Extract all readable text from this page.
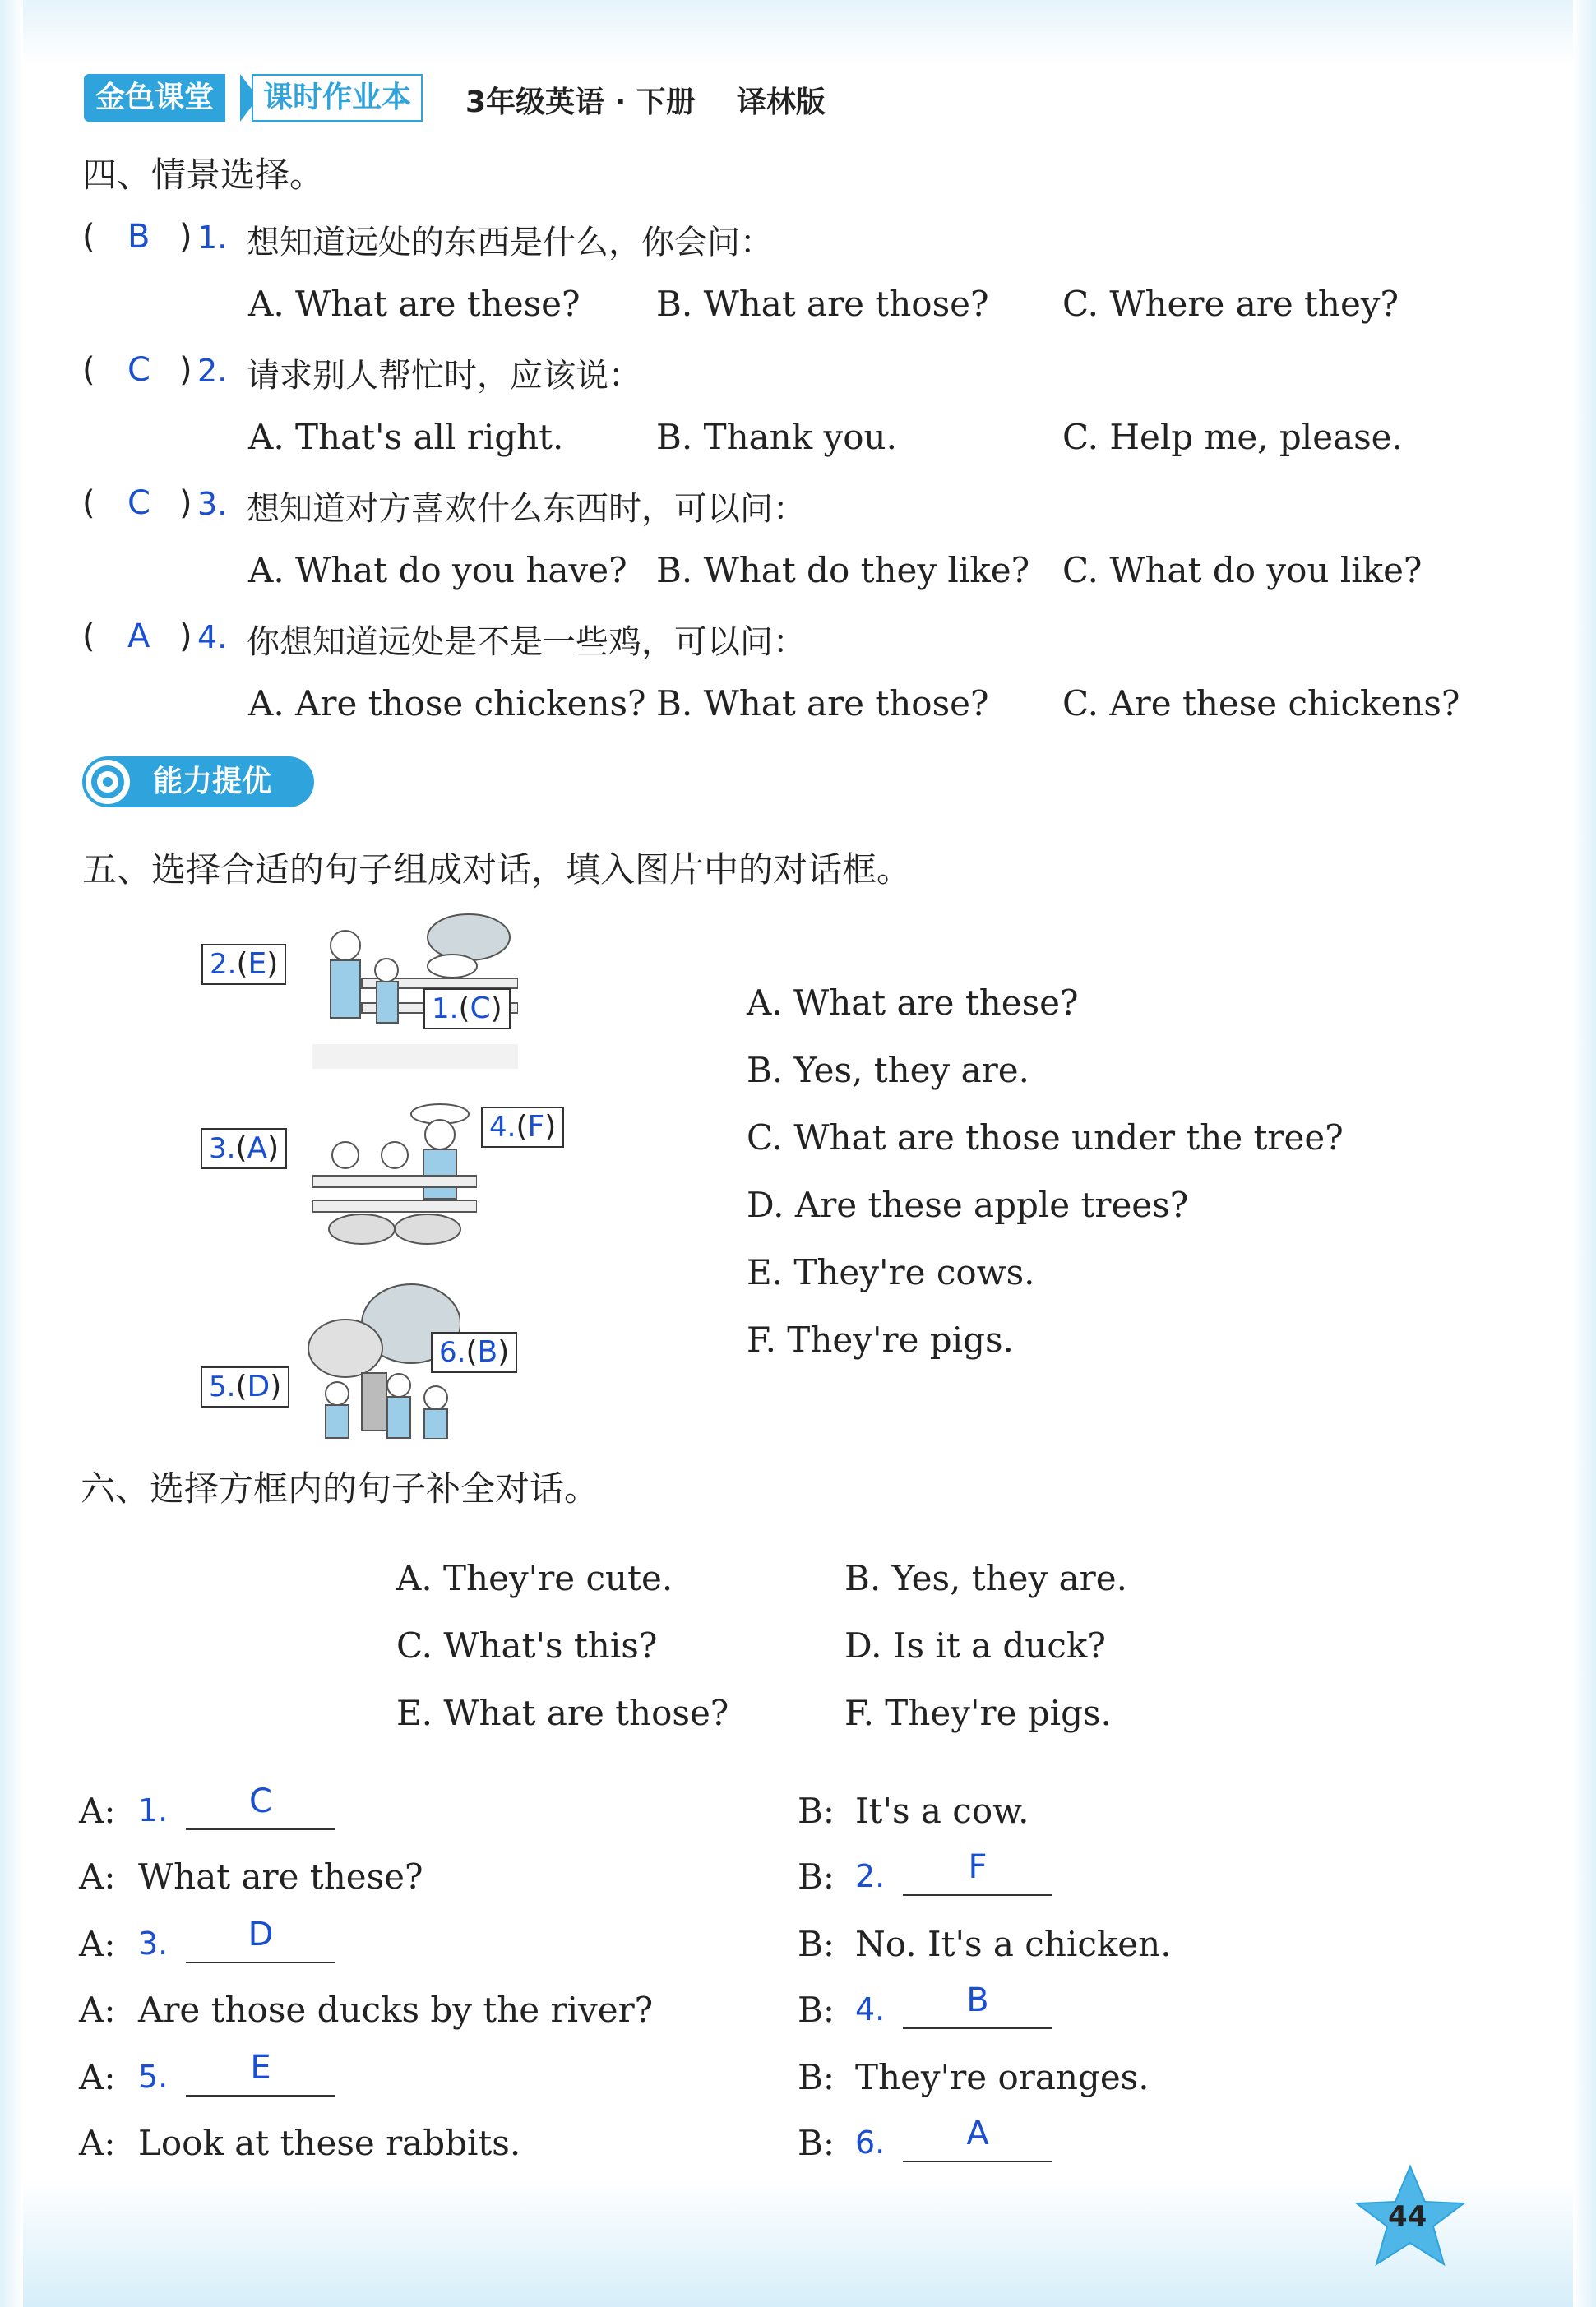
金色课堂	课时作业本	3年级英语 · 下册    译林版
四、情景选择。
( B ) 1. 想知道远处的东西是什么，你会问：
A. What are these? B. What are those? C. Where are they?
( C ) 2. 请求别人帮忙时，应该说：
A. That's all right.	B. Thank you.	C. Help me, please.
( C ) 3. 想知道对方喜欢什么东西时，可以问：
A. What do you have? B. What do they like? C. What do you like?
( A ) 4. 你想知道远处是不是一些鸡，可以问：
A. Are those chickens? B. What are those? C. Are these chickens?
能力提优
五、选择合适的句子组成对话，填入图片中的对话框。
2.(E)
1.(C)
3.(A)
4.(F)
5.(D)
6.(B)
A. What are these?
B. Yes, they are.
C. What are those under the tree?
D. Are these apple trees?
E. They're cows.
F. They're pigs.
六、选择方框内的句子补全对话。
A. They're cute.	B. Yes, they are.
C. What's this?	D. Is it a duck?
E. What are those?	F. They're pigs.
A: 1.	C	B: It's a cow.
A: What are these?	B: 2.	F
A: 3.	D	B: No. It's a chicken.
A: Are those ducks by the river?	B: 4.	B
A: 5.	E	B: They're oranges.
A: Look at these rabbits.	B: 6.	A
44
